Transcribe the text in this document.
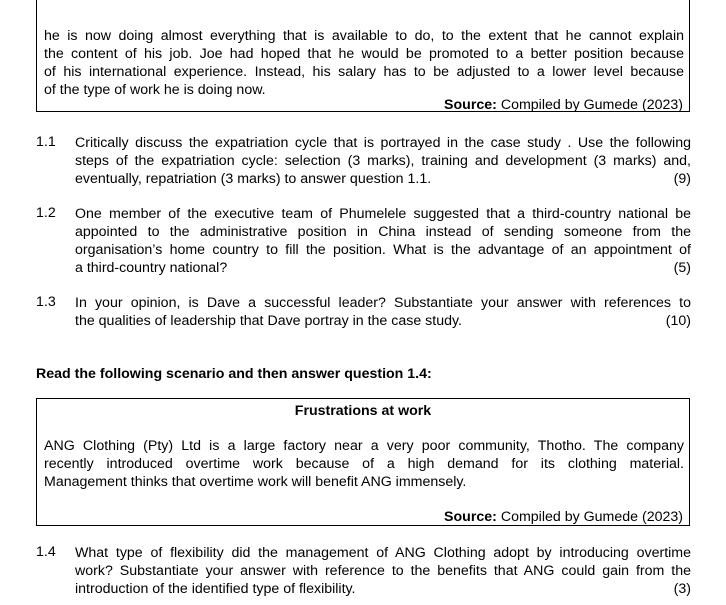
he is now doing almost everything that is available to do, to the extent that he cannot explain
the content of his job. Joe had hoped that he would be promoted to a better position because
of his international experience. Instead, his salary has to be adjusted to a lower level because
of the type of work he is doing now.
Source: Compiled by Gumede (2023)
1.1 Critically discuss the expatriation cycle that is portrayed in the case study . Use the following
steps of the expatriation cycle: selection (3 marks), training and development (3 marks) and,
eventually, repatriation (3 marks) to answer question 1.1.	(9)
1.2 One member of the executive team of Phumelele suggested that a third-country national be
appointed to the administrative position in China instead of sending someone from the
organisation’s home country to fill the position. What is the advantage of an appointment of
a third-country national?	(5)
1.3 In your opinion, is Dave a successful leader? Substantiate your answer with references to
the qualities of leadership that Dave portray in the case study.	(10)
Read the following scenario and then answer question 1.4:
Frustrations at work
ANG Clothing (Pty) Ltd is a large factory near a very poor community, Thotho. The company
recently introduced overtime work because of a high demand for its clothing material.
Management thinks that overtime work will benefit ANG immensely.
Source: Compiled by Gumede (2023)
1.4 What type of flexibility did the management of ANG Clothing adopt by introducing overtime
work? Substantiate your answer with reference to the benefits that ANG could gain from the
introduction of the identified type of flexibility.	(3)
